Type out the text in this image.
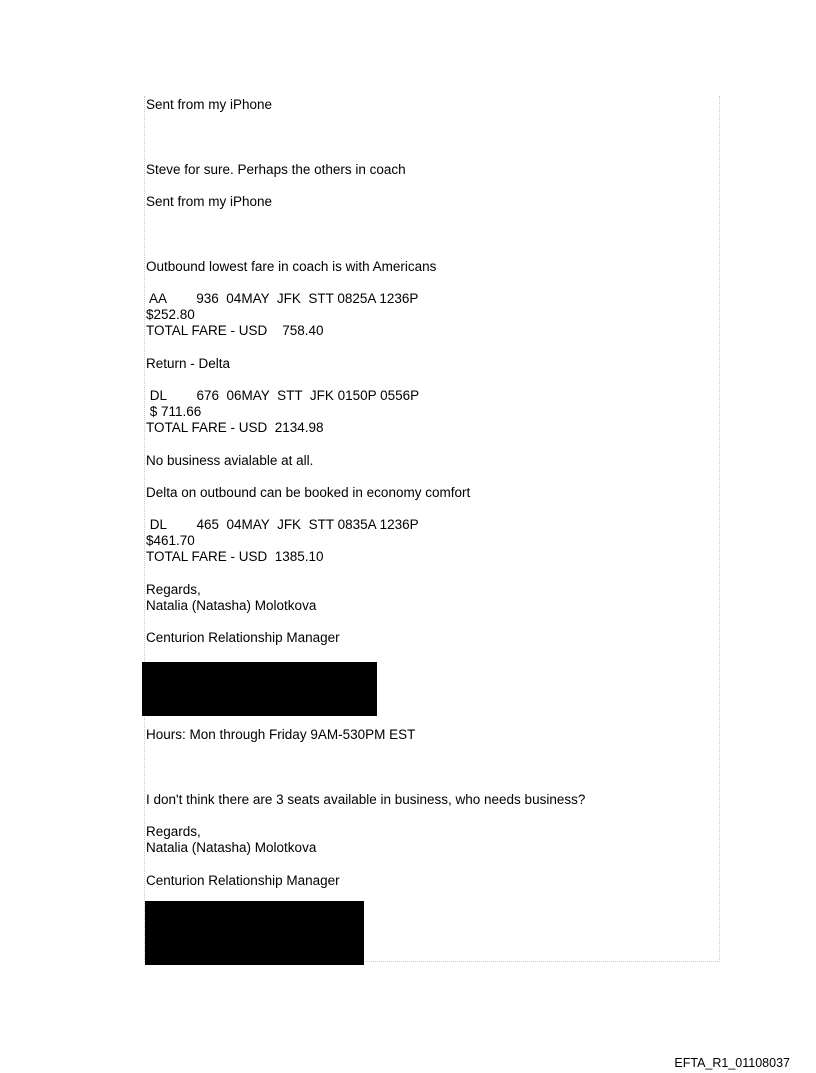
Sent from my iPhone

Steve for sure. Perhaps the others in coach

Sent from my iPhone

Outbound lowest fare in coach is with Americans

AA        936  04MAY  JFK  STT 0825A 1236P

$252.80

TOTAL FARE - USD    758.40

Return - Delta

DL        676  06MAY  STT  JFK 0150P 0556P

$ 711.66

TOTAL FARE - USD  2134.98

No business avialable at all.

Delta on outbound can be booked in economy comfort

DL        465  04MAY  JFK  STT 0835A 1236P

$461.70

TOTAL FARE - USD  1385.10

Regards,

Natalia (Natasha) Molotkova

Centurion Relationship Manager

Hours: Mon through Friday 9AM-530PM EST

I don't think there are 3 seats available in business, who needs business?

Regards,

Natalia (Natasha) Molotkova

Centurion Relationship Manager

EFTA_R1_01108037
